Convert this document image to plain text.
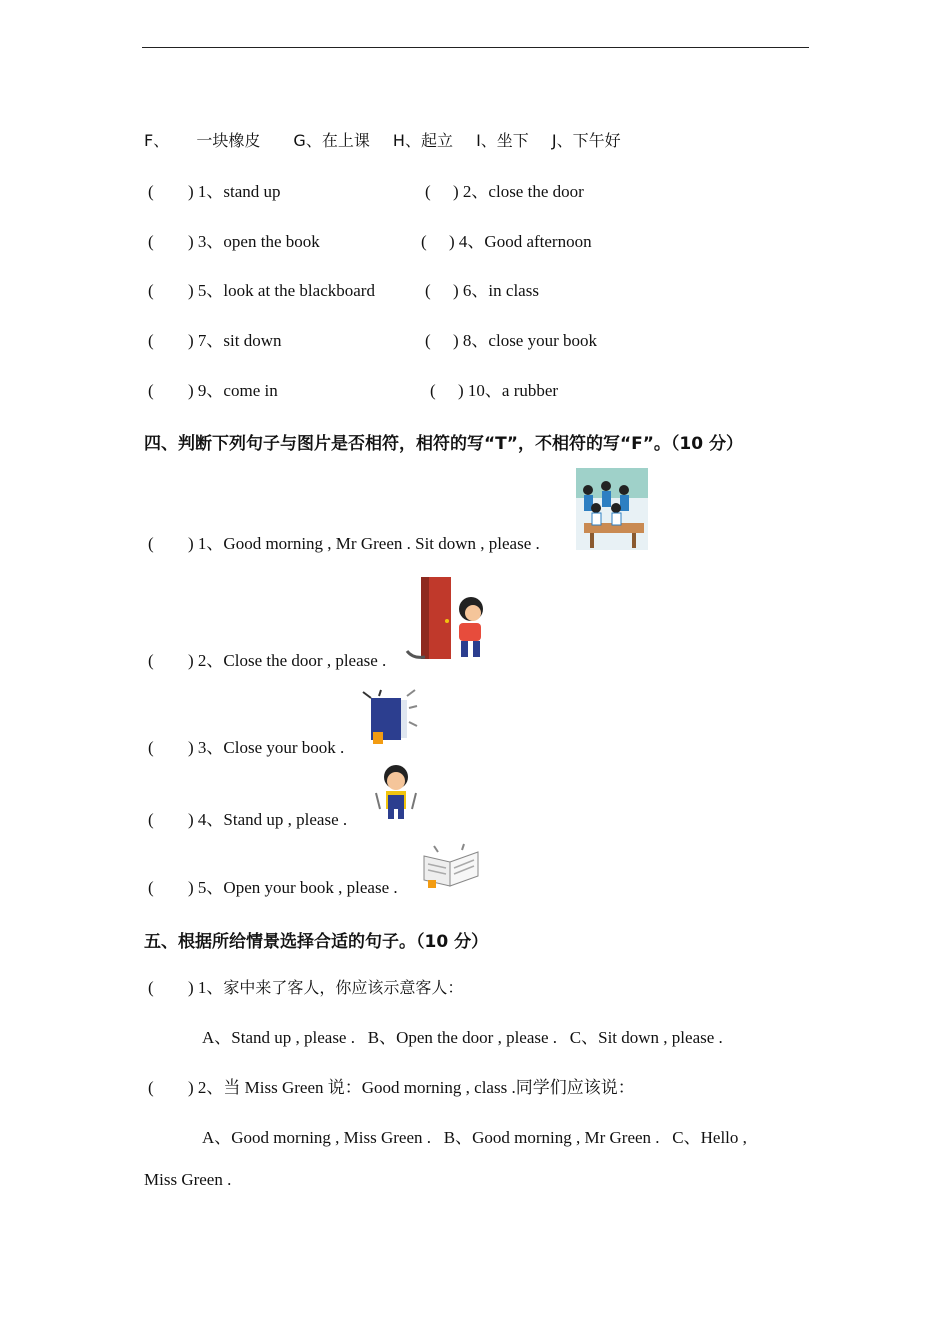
F、 一块橡皮 G、在上课 H、起立 I、坐下 J、下午好
( ) 1、stand up	( ) 2、close the door
( ) 3、open the book	( ) 4、Good afternoon
( ) 5、look at the blackboard	( ) 6、in class
( ) 7、sit down	( ) 8、close your book
( ) 9、come in	( ) 10、a rubber
四、判断下列句子与图片是否相符，相符的写“T”，不相符的写“F”。（10 分）
( ) 1、Good morning , Mr Green . Sit down , please .
( ) 2、Close the door , please .
( ) 3、Close your book .
( ) 4、Stand up , please .
( ) 5、Open your book , please .
五、根据所给情景选择合适的句子。（10 分）
( ) 1、家中来了客人，你应该示意客人：
A、Stand up , please .   B、Open the door , please .   C、Sit down , please .
( ) 2、当 Miss Green 说：Good morning , class .同学们应该说：
A、Good morning , Miss Green .   B、Good morning , Mr Green .   C、Hello ,
Miss Green .
